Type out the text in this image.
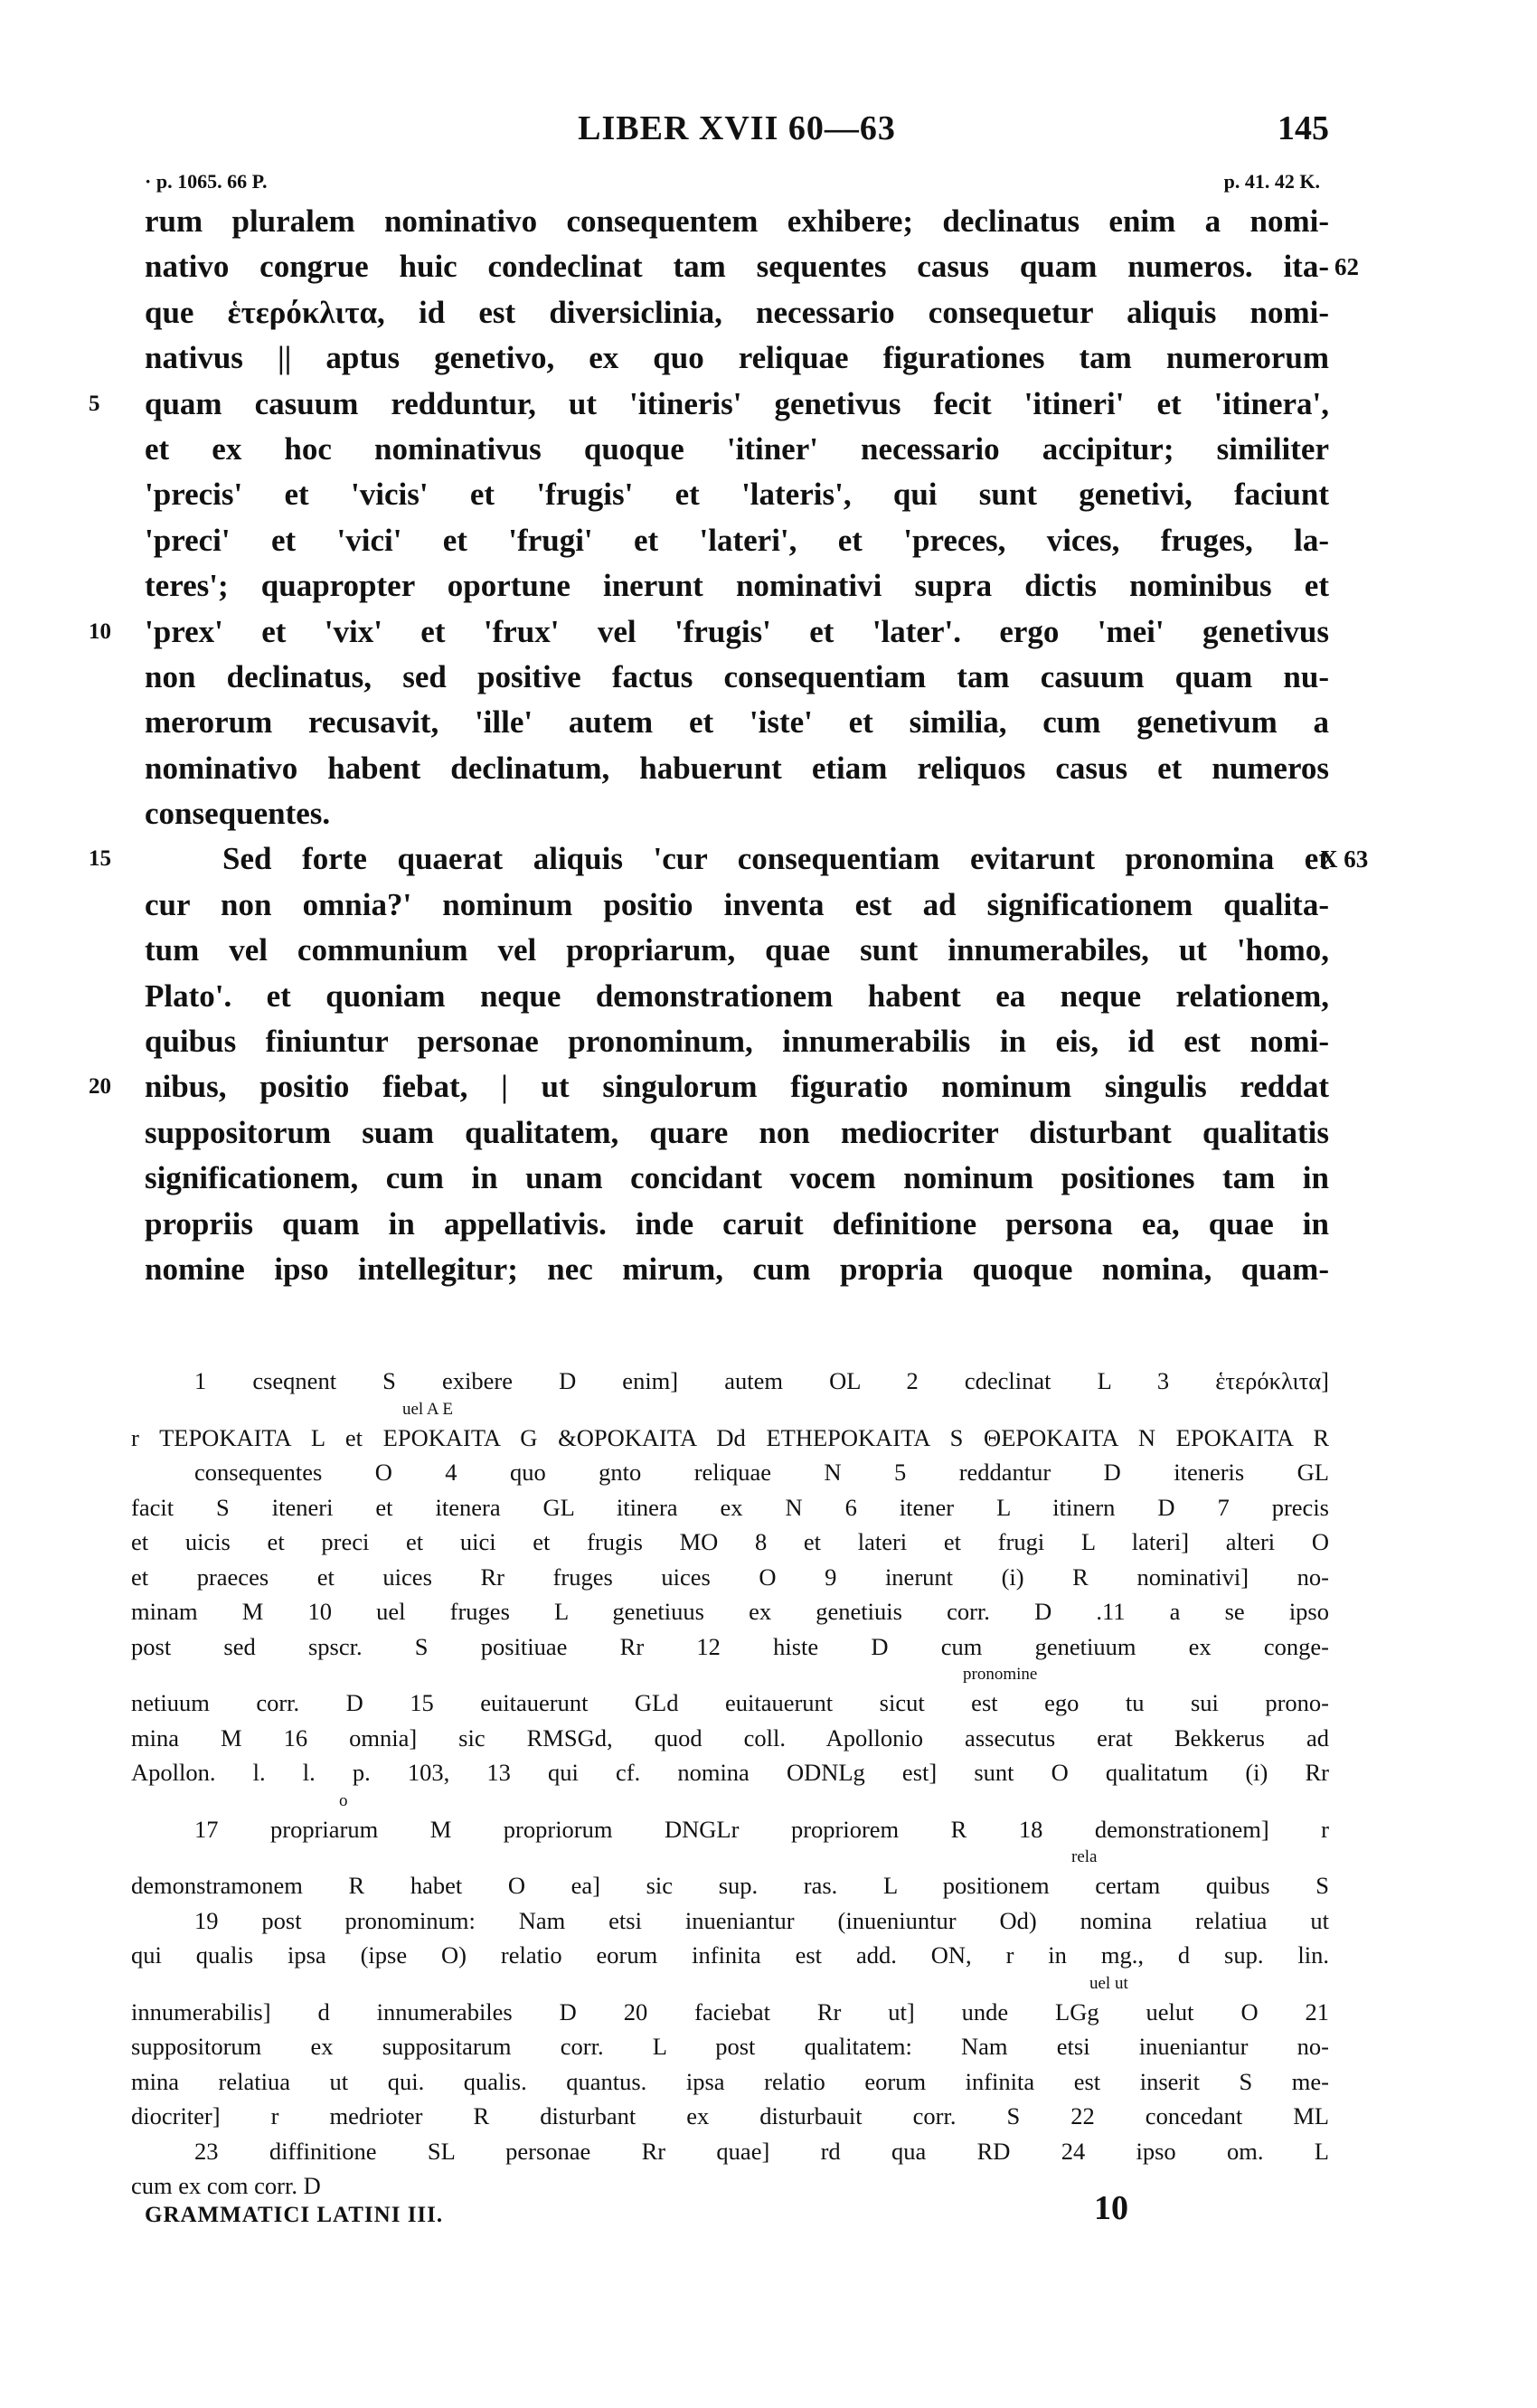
LIBER XVII 60—63	145
· p. 1065. 66 P.	p. 41. 42 K.
rum pluralem nominativo consequentem exhibere; declinatus enim a nomi-
nativo congrue huic condeclinat tam sequentes casus quam numeros. ita- 62
que ἑτερόκλιτα, id est diversiclinia, necessario consequetur aliquis nomi-
nativus || aptus genetivo, ex quo reliquae figurationes tam numerorum
5 quam casuum redduntur, ut 'itineris' genetivus fecit 'itineri' et 'itinera',
et ex hoc nominativus quoque 'itiner' necessario accipitur; similiter
'precis' et 'vicis' et 'frugis' et 'lateris', qui sunt genetivi, faciunt
'preci' et 'vici' et 'frugi' et 'lateri', et 'preces, vices, fruges, la-
teres'; quapropter oportune inerunt nominativi supra dictis nominibus et
10 'prex' et 'vix' et 'frux' vel 'frugis' et 'later'. ergo 'mei' genetivus
non declinatus, sed positive factus consequentiam tam casuum quam nu-
merorum recusavit, 'ille' autem et 'iste' et similia, cum genetivum a
nominativo habent declinatum, habuerunt etiam reliquos casus et numeros
consequentes.
15	Sed forte quaerat aliquis 'cur consequentiam evitarunt pronomina et
X 63
cur non omnia?' nominum positio inventa est ad significationem qualita-
tum vel communium vel propriarum, quae sunt innumerabiles, ut 'homo,
Plato'. et quoniam neque demonstrationem habent ea neque relationem,
quibus finiuntur personae pronominum, innumerabilis in eis, id est nomi-
20 nibus, positio fiebat, | ut singulorum figuratio nominum singulis reddat
suppositorum suam qualitatem, quare non mediocriter disturbant qualitatis
significationem, cum in unam concidant vocem nominum positiones tam in
propriis quam in appellativis. inde caruit definitione persona ea, quae in
nomine ipso intellegitur; nec mirum, cum propria quoque nomina, quam-
1 cseqnent S exibere D enim] autem OL 2 cdeclinat L 3 ἑτερόκλιτα]
uel A E
r TEPOKAITA L et EPOKAITA G &OPOKAITA Dd ETHEPOKAITA S ΘEPOKAITA N EPOKAITA R
consequentes O 4 quo gnto reliquae N 5 reddantur D iteneris GL
facit S iteneri et itenera GL itinera ex N 6 itener L itinern D 7 precis
et uicis et preci et uici et frugis MO 8 et lateri et frugi L lateri] alteri O
et praeces et uices Rr fruges uices O 9 inerunt (i) R nominativi] no-
minam M 10 uel fruges L genetiuus ex genetiuis corr. D .11 a se ipso
post sed spscr. S positiuae Rr 12 histe D cum genetiuum ex conge-
pronomine
netiuum corr. D 15 euitauerunt GLd euitauerunt sicut est ego tu sui prono-
mina M 16 omnia] sic RMSGd, quod coll. Apollonio assecutus erat Bekkerus ad
Apollon. l. l. p. 103, 13 qui cf. nomina ODNLg est] sunt O qualitatum (i) Rr
o
17 propriarum M propriorum DNGLr propriorem R 18 demonstrationem] r
rela
demonstramonem R habet O ea] sic sup. ras. L positionem certam quibus S
19 post pronominum: Nam etsi inueniantur (inueniuntur Od) nomina relatiua ut
qui qualis ipsa (ipse O) relatio eorum infinita est add. ON, r in mg., d sup. lin.
uel ut
innumerabilis] d innumerabiles D 20 faciebat Rr ut] unde LGg uelut O 21
suppositorum ex suppositarum corr. L post qualitatem: Nam etsi inueniantur no-
mina relatiua ut qui. qualis. quantus. ipsa relatio eorum infinita est inserit S me-
diocriter] r medrioter R disturbant ex disturbauit corr. S 22 concedant ML
23 diffinitione SL personae Rr quae] rd qua RD 24 ipso om. L
cum ex com corr. D
GRAMMATICI LATINI III.	10
